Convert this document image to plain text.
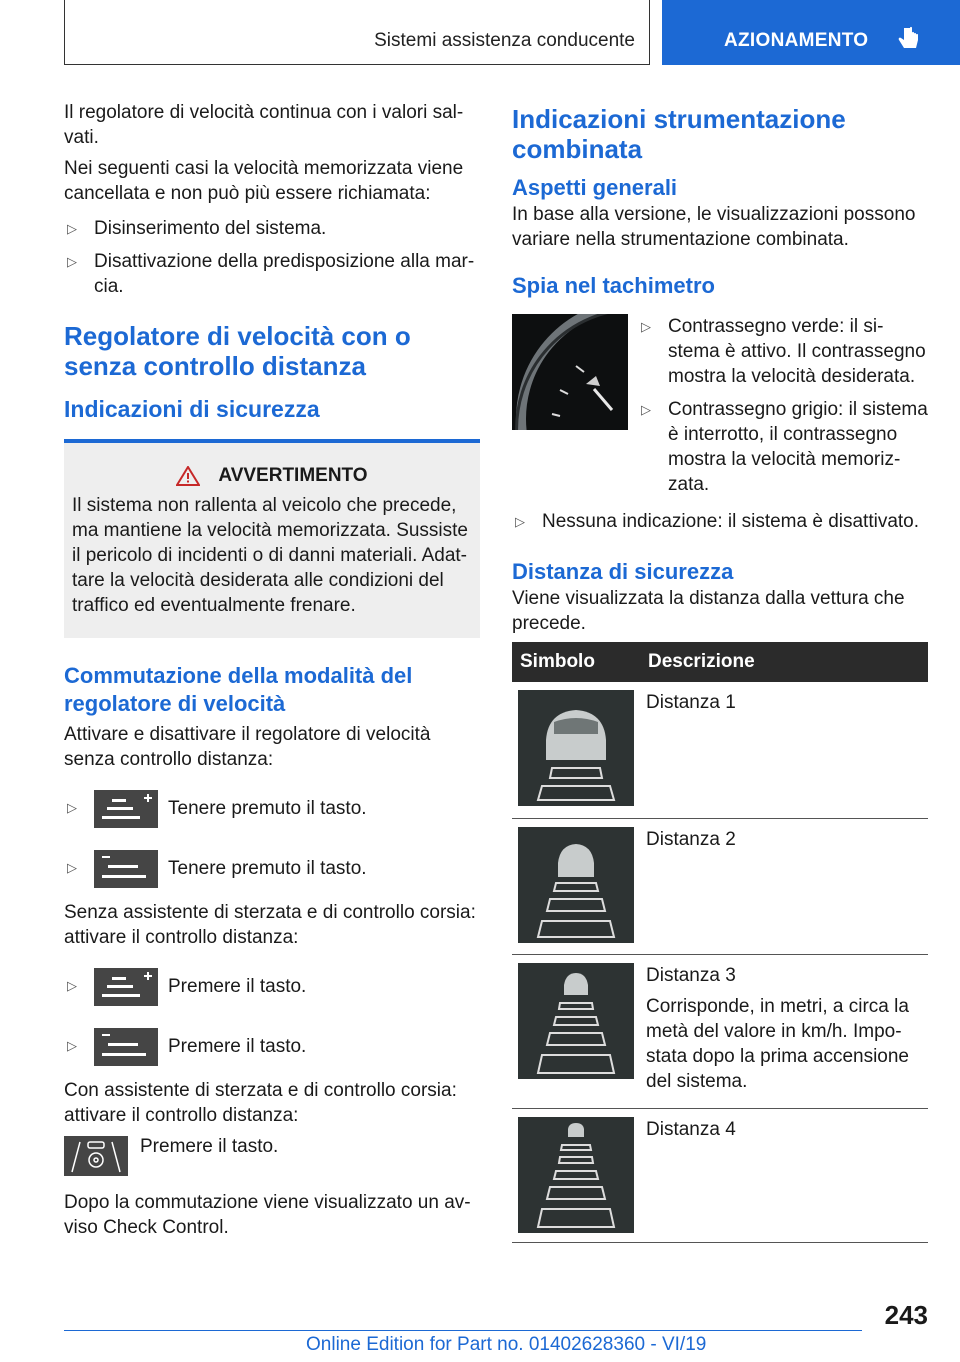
Sistemi assistenza conducente	AZIONAMENTO

Il regolatore di velocità continua con i valori salvati.

Nei seguenti casi la velocità memorizzata viene cancellata e non può più essere richiamata:

▷ Disinserimento del sistema.
▷ Disattivazione della predisposizione alla marcia.
Regolatore di velocità con o senza controllo distanza
Indicazioni di sicurezza
AVVERTIMENTO

Il sistema non rallenta al veicolo che precede, ma mantiene la velocità memorizzata. Sussiste il pericolo di incidenti o di danni materiali. Adattare la velocità desiderata alle condizioni del traffico ed eventualmente frenare.

Commutazione della modalità del regolatore di velocità

Attivare e disattivare il regolatore di velocità senza controllo distanza:

▷ Tenere premuto il tasto.
▷ Tenere premuto il tasto.

Senza assistente di sterzata e di controllo corsia: attivare il controllo distanza:

▷ Premere il tasto.
▷ Premere il tasto.

Con assistente di sterzata e di controllo corsia: attivare il controllo distanza:

Premere il tasto.

Dopo la commutazione viene visualizzato un avviso Check Control.

Indicazioni strumentazione combinata
Aspetti generali

In base alla versione, le visualizzazioni possono variare nella strumentazione combinata.

Spia nel tachimetro
▷ Contrassegno verde: il sistema è attivo. Il contrassegno mostra la velocità desiderata.
▷ Contrassegno grigio: il sistema è interrotto, il contrassegno mostra la velocità memorizzata.
▷ Nessuna indicazione: il sistema è disattivato.
Distanza di sicurezza

Viene visualizzata la distanza dalla vettura che precede.

Simbolo	Descrizione

Distanza 1

Distanza 2

Distanza 3

Corrisponde, in metri, a circa la metà del valore in km/h. Impostata dopo la prima accensione del sistema.

Distanza 4

243
Online Edition for Part no. 01402628360 - VI/19
